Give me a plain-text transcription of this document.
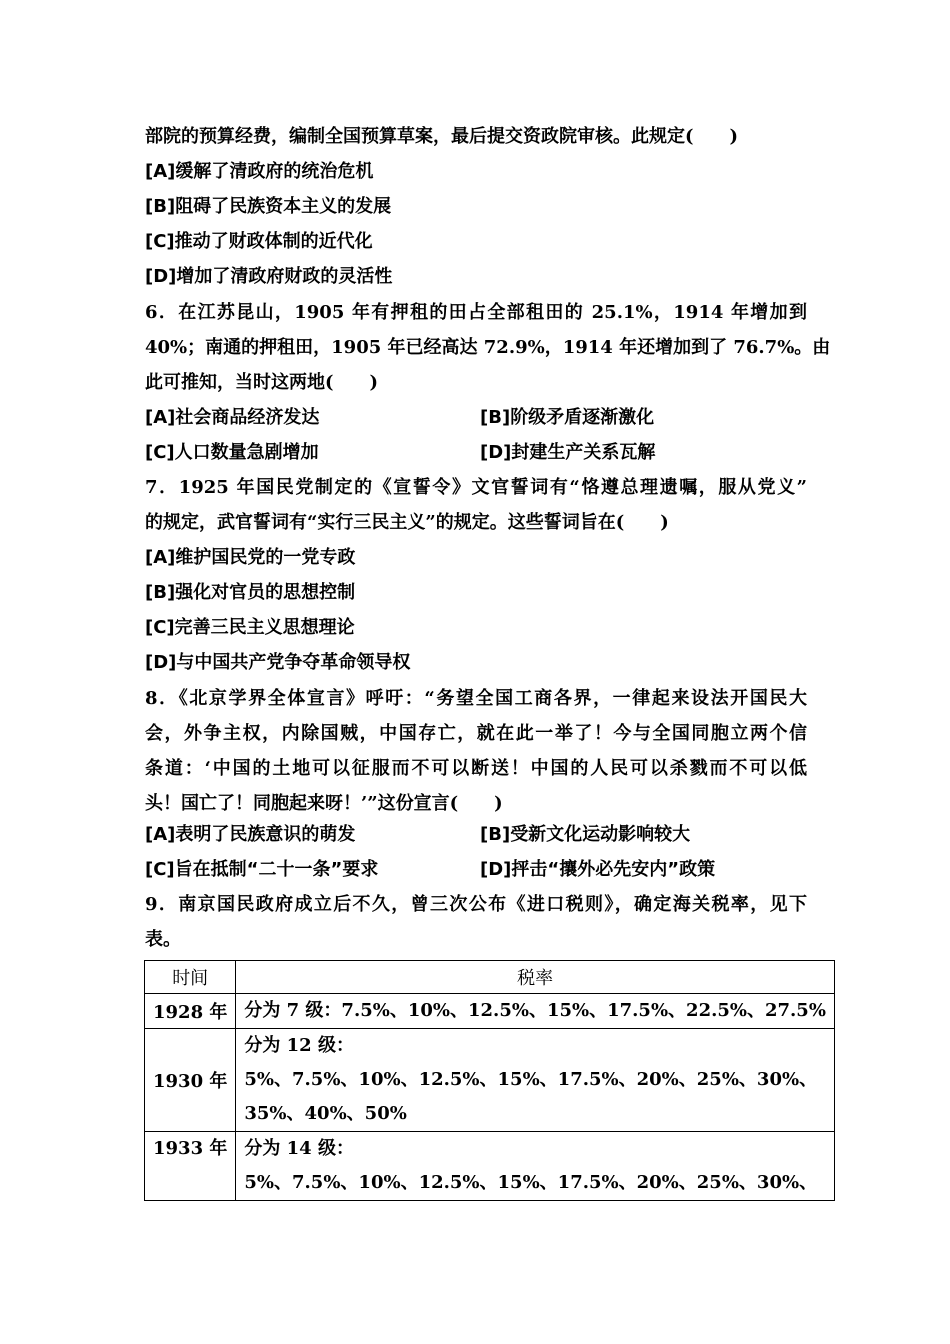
部院的预算经费，编制全国预算草案，最后提交资政院审核。此规定(　　)
[A]缓解了清政府的统治危机
[B]阻碍了民族资本主义的发展
[C]推动了财政体制的近代化
[D]增加了清政府财政的灵活性
6．在江苏昆山，1905 年有押租的田占全部租田的 25.1%，1914 年增加到
40%；南通的押租田，1905 年已经高达 72.9%，1914 年还增加到了 76.7%。由
此可推知，当时这两地(　　)
[A]社会商品经济发达	[B]阶级矛盾逐渐激化
[C]人口数量急剧增加	[D]封建生产关系瓦解
7．1925 年国民党制定的《宣誓令》文官誓词有“恪遵总理遗嘱，服从党义”
的规定，武官誓词有“实行三民主义”的规定。这些誓词旨在(　　)
[A]维护国民党的一党专政
[B]强化对官员的思想控制
[C]完善三民主义思想理论
[D]与中国共产党争夺革命领导权
8．《北京学界全体宣言》呼吁：“务望全国工商各界，一律起来设法开国民大
会，外争主权，内除国贼，中国存亡，就在此一举了！今与全国同胞立两个信
条道：‘中国的土地可以征服而不可以断送！中国的人民可以杀戮而不可以低
头！国亡了！同胞起来呀！’”这份宣言(　　)
[A]表明了民族意识的萌发	[B]受新文化运动影响较大
[C]旨在抵制“二十一条”要求	[D]抨击“攘外必先安内”政策
9．南京国民政府成立后不久，曾三次公布《进口税则》，确定海关税率，见下
表。
时间	税率
1928 年	分为 7 级：7.5%、10%、12.5%、15%、17.5%、22.5%、27.5%

1930 年	分为 12 级：
5%、7.5%、10%、12.5%、15%、17.5%、20%、25%、30%、
35%、40%、50%

1933 年	分为 14 级：
5%、7.5%、10%、12.5%、15%、17.5%、20%、25%、30%、
